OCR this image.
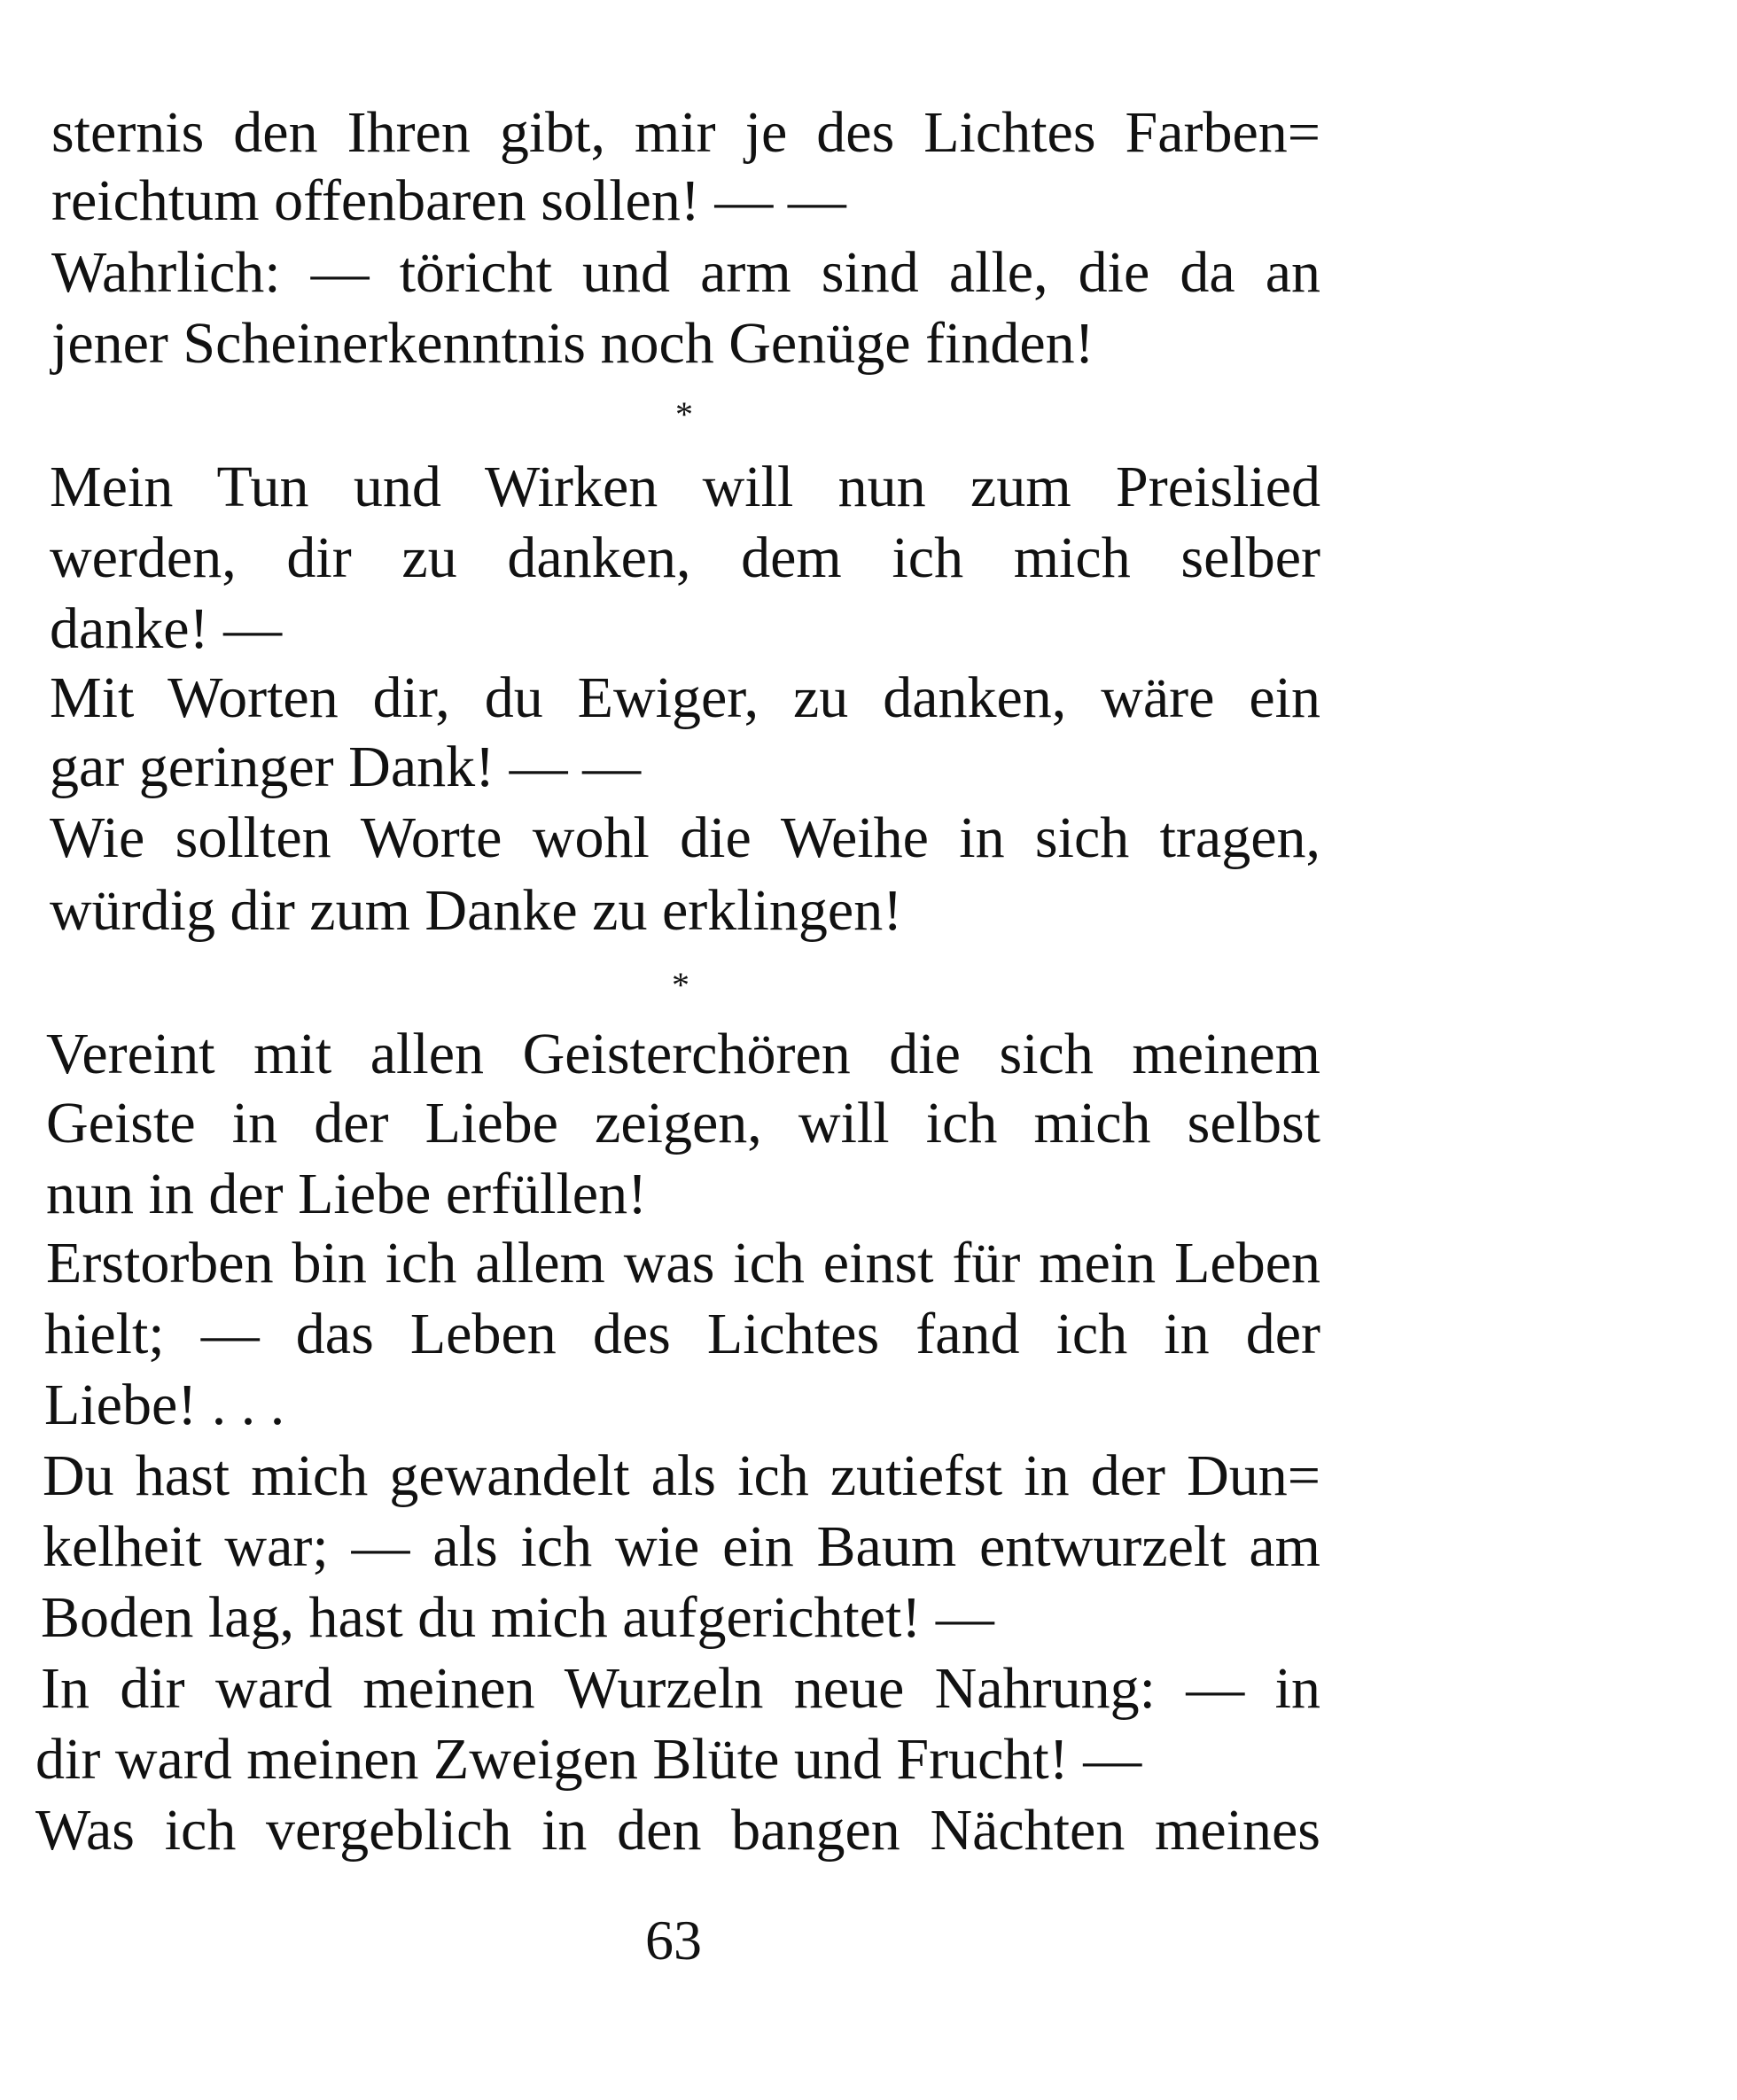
sternis den Ihren gibt, mir je des Lichtes Farben=
reichtum offenbaren sollen! — —
Wahrlich: — töricht und arm sind alle, die da an
jener Scheinerkenntnis noch Genüge finden!
*
Mein Tun und Wirken will nun zum Preislied
werden, dir zu danken, dem ich mich selber
danke! —
Mit Worten dir, du Ewiger, zu danken, wäre ein
gar geringer Dank! — —
Wie sollten Worte wohl die Weihe in sich tragen,
würdig dir zum Danke zu erklingen!
*
Vereint mit allen Geisterchören die sich meinem
Geiste in der Liebe zeigen, will ich mich selbst
nun in der Liebe erfüllen!
Erstorben bin ich allem was ich einst für mein Leben
hielt; — das Leben des Lichtes fand ich in der
Liebe! . . .
Du hast mich gewandelt als ich zutiefst in der Dun=
kelheit war; — als ich wie ein Baum entwurzelt am
Boden lag, hast du mich aufgerichtet! —
In dir ward meinen Wurzeln neue Nahrung: — in
dir ward meinen Zweigen Blüte und Frucht! —
Was ich vergeblich in den bangen Nächten meines
63
